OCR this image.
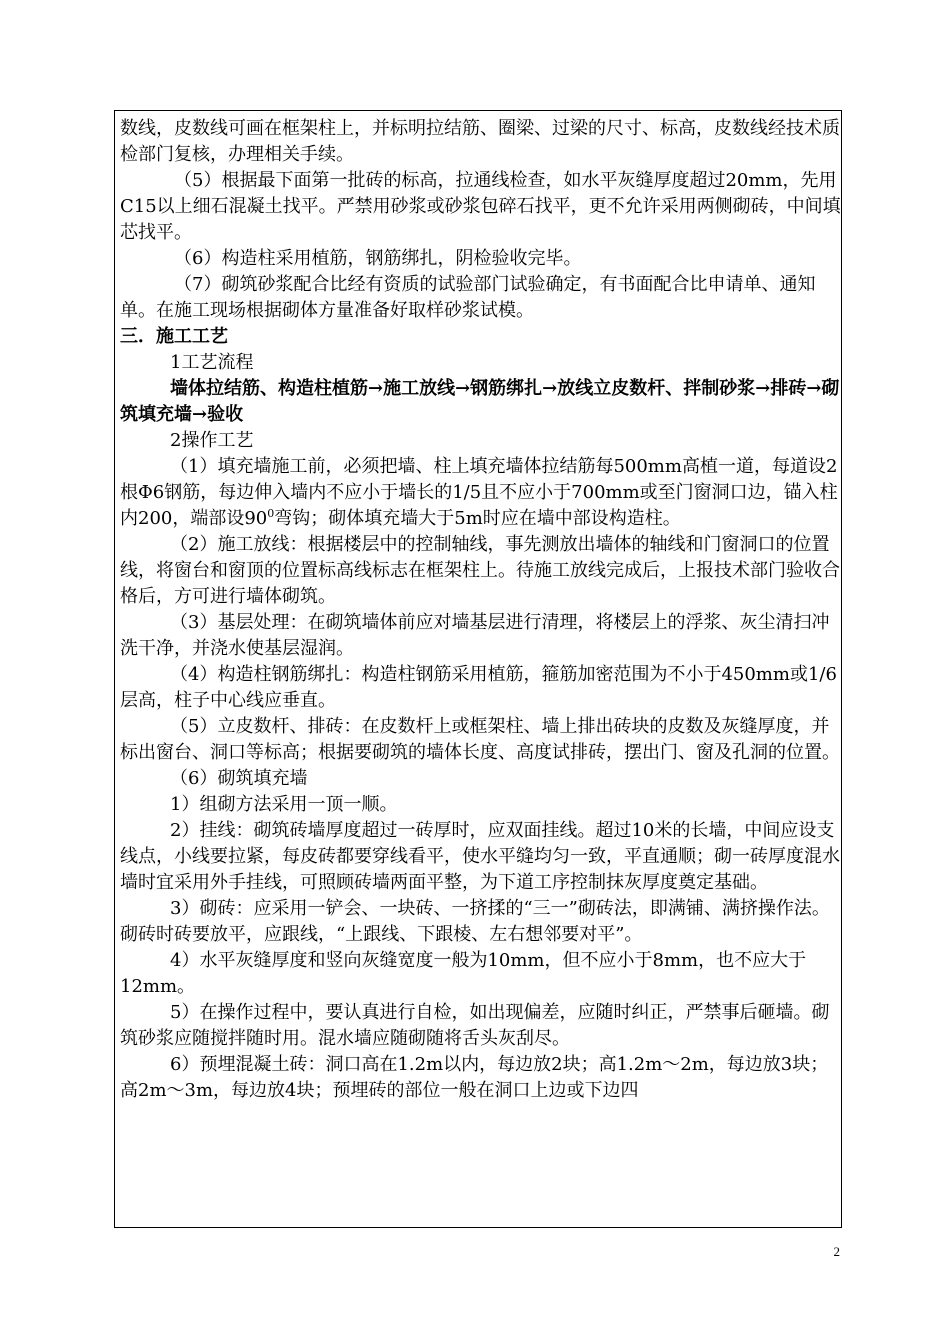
数线，皮数线可画在框架柱上，并标明拉结筋、圈梁、过梁的尺寸、标高，皮数线经技术质检部门复核，办理相关手续。

（5）根据最下面第一批砖的标高，拉通线检查，如水平灰缝厚度超过20mm，先用C15以上细石混凝土找平。严禁用砂浆或砂浆包碎石找平，更不允许采用两侧砌砖，中间填芯找平。

（6）构造柱采用植筋，钢筋绑扎，阴检验收完毕。

（7）砌筑砂浆配合比经有资质的试验部门试验确定，有书面配合比申请单、通知单。在施工现场根据砌体方量准备好取样砂浆试模。

三．施工工艺

1工艺流程

墙体拉结筋、构造柱植筋→施工放线→钢筋绑扎→放线立皮数杆、拌制砂浆→排砖→砌筑填充墙→验收

2操作工艺

（1）填充墙施工前，必须把墙、柱上填充墙体拉结筋每500mm高植一道，每道设2根Φ6钢筋，每边伸入墙内不应小于墙长的1/5且不应小于700mm或至门窗洞口边，锚入柱内200，端部设$90^0$弯钩；砌体填充墙大于5m时应在墙中部设构造柱。

（2）施工放线：根据楼层中的控制轴线，事先测放出墙体的轴线和门窗洞口的位置线，将窗台和窗顶的位置标高线标志在框架柱上。待施工放线完成后，上报技术部门验收合格后，方可进行墙体砌筑。

（3）基层处理：在砌筑墙体前应对墙基层进行清理，将楼层上的浮浆、灰尘清扫冲洗干净，并浇水使基层湿润。

（4）构造柱钢筋绑扎：构造柱钢筋采用植筋，箍筋加密范围为不小于450mm或1/6层高，柱子中心线应垂直。

（5）立皮数杆、排砖：在皮数杆上或框架柱、墙上排出砖块的皮数及灰缝厚度，并标出窗台、洞口等标高；根据要砌筑的墙体长度、高度试排砖，摆出门、窗及孔洞的位置。

（6）砌筑填充墙

1）组砌方法采用一顶一顺。

2）挂线：砌筑砖墙厚度超过一砖厚时，应双面挂线。超过10米的长墙，中间应设支线点，小线要拉紧，每皮砖都要穿线看平，使水平缝均匀一致，平直通顺；砌一砖厚度混水墙时宜采用外手挂线，可照顾砖墙两面平整，为下道工序控制抹灰厚度奠定基础。

3）砌砖：应采用一铲会、一块砖、一挤揉的“三一”砌砖法，即满铺、满挤操作法。砌砖时砖要放平，应跟线，“上跟线、下跟棱、左右想邻要对平”。

4）水平灰缝厚度和竖向灰缝宽度一般为10mm，但不应小于8mm，也不应大于12mm。

5）在操作过程中，要认真进行自检，如出现偏差，应随时纠正，严禁事后砸墙。砌筑砂浆应随搅拌随时用。混水墙应随砌随将舌头灰刮尽。

6）预埋混凝土砖：洞口高在1.2m以内，每边放2块；高1.2m～2m，每边放3块；高2m～3m，每边放4块；预埋砖的部位一般在洞口上边或下边四

2
